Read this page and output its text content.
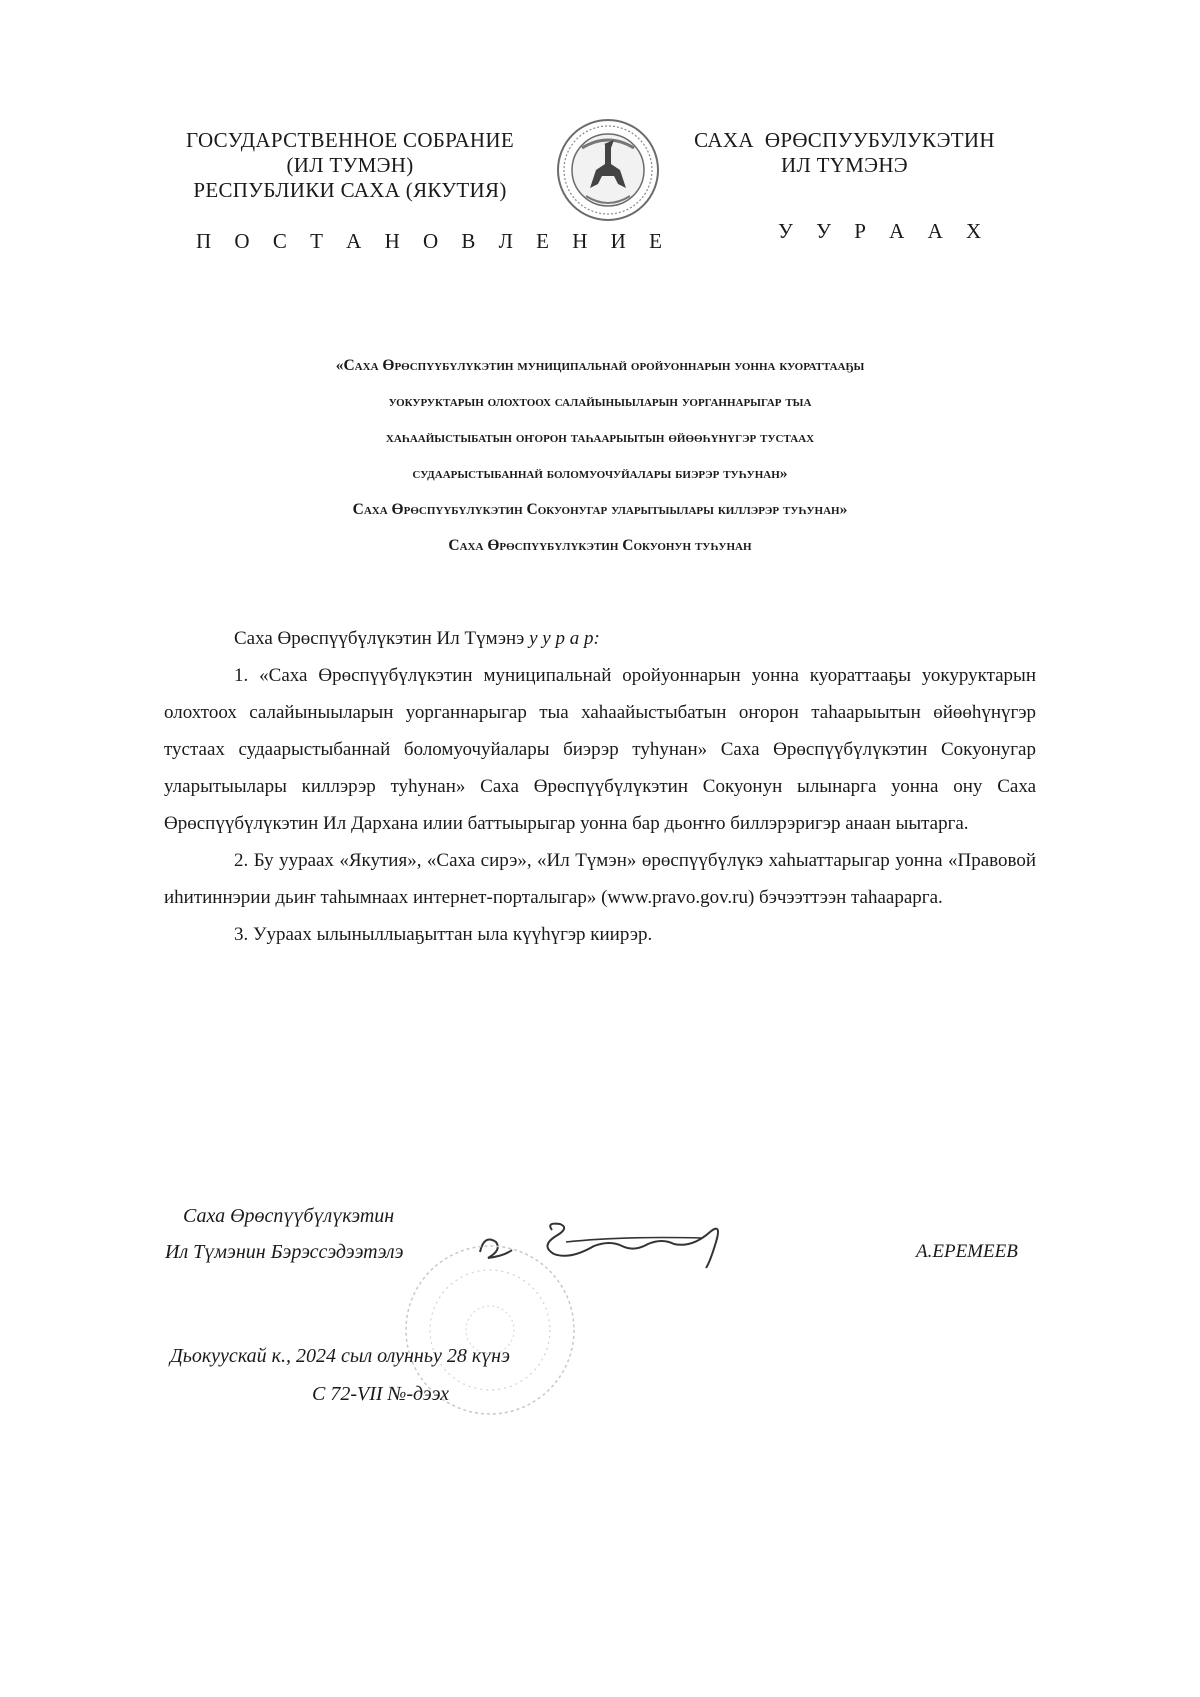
ГОСУДАРСТВЕННОЕ СОБРАНИЕ
(ИЛ ТУМЭН)
РЕСПУБЛИКИ САХА (ЯКУТИЯ)
П О С Т А Н О В Л Е Н И Е
САХА  ӨРӨСПУУБУЛУКЭТИН
ИЛ ТҮМЭНЭ
У У Р А А Х
«Саха Өрөспүүбүлүкэтин муниципальнай оройуоннарын уонна куораттааҕы
уокуруктарын олохтоох салайыныыларын уорганнарыгар тыа
хаһаайыстыбатын оҥорон таһаарыытын өйөөһүнүгэр тустаах
судаарыстыбаннай боломуочуйалары биэрэр туһунан»
Саха Өрөспүүбүлүкэтин Сокуонугар уларытыылары киллэрэр туһунан»
Саха Өрөспүүбүлүкэтин Сокуонун туһунан

Саха Өрөспүүбүлүкэтин Ил Түмэнэ у у р а р:

1. «Саха Өрөспүүбүлүкэтин муниципальнай оройуоннарын уонна куораттааҕы уокуруктарын олохтоох салайыныыларын уорганнарыгар тыа хаһаайыстыбатын оҥорон таһаарыытын өйөөһүнүгэр тустаах судаарыстыбаннай боломуочуйалары биэрэр туһунан» Саха Өрөспүүбүлүкэтин Сокуонугар уларытыылары киллэрэр туһунан» Саха Өрөспүүбүлүкэтин Сокуонун ылынарга уонна ону Саха Өрөспүүбүлүкэтин Ил Дархана илии баттыырыгар уонна бар дьоҥҥо биллэрэригэр анаан ыытарга.

2. Бу уураах «Якутия», «Саха сирэ», «Ил Түмэн» өрөспүүбүлүкэ хаһыаттарыгар уонна «Правовой иһитиннэрии дьиҥ таһымнаах интернет-порталыгар» (www.pravo.gov.ru) бэчээттээн таһаарарга.

3. Уураах ылыныллыаҕыттан ыла күүһүгэр киирэр.

Саха Өрөспүүбүлүкэтин
Ил Түмэнин Бэрэссэдээтэлэ	А.ЕРЕМЕЕВ
Дьокуускай к., 2024 сыл олунньу 28 күнэ
С 72-VII №-дээх
